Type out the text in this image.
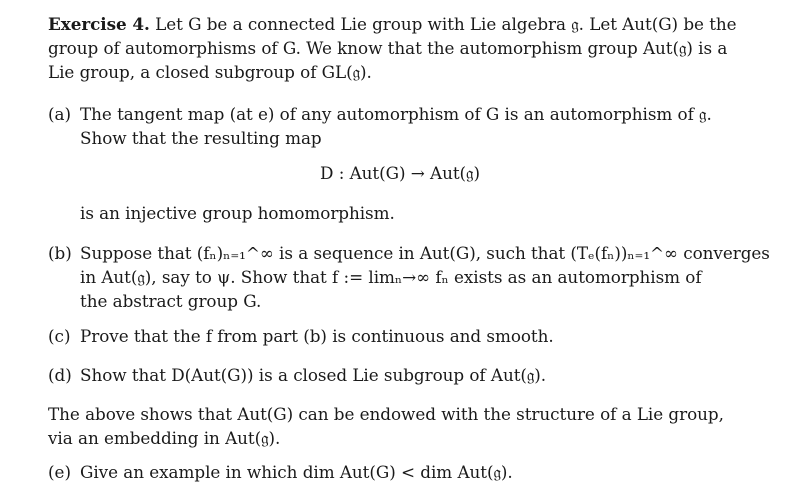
Exercise 4. Let G be a connected Lie group with Lie algebra 𝔤. Let Aut(G) be the
group of automorphisms of G. We know that the automorphism group Aut(𝔤) is a
Lie group, a closed subgroup of GL(𝔤).
(a) The tangent map (at e) of any automorphism of G is an automorphism of 𝔤.
Show that the resulting map
D : Aut(G) → Aut(𝔤)
is an injective group homomorphism.
(b) Suppose that (fₙ)ₙ₌₁^∞ is a sequence in Aut(G), such that (Tₑ(fₙ))ₙ₌₁^∞ converges
in Aut(𝔤), say to ψ. Show that f := limₙ→∞ fₙ exists as an automorphism of
the abstract group G.
(c) Prove that the f from part (b) is continuous and smooth.
(d) Show that D(Aut(G)) is a closed Lie subgroup of Aut(𝔤).
The above shows that Aut(G) can be endowed with the structure of a Lie group,
via an embedding in Aut(𝔤).
(e) Give an example in which dim Aut(G) < dim Aut(𝔤).
